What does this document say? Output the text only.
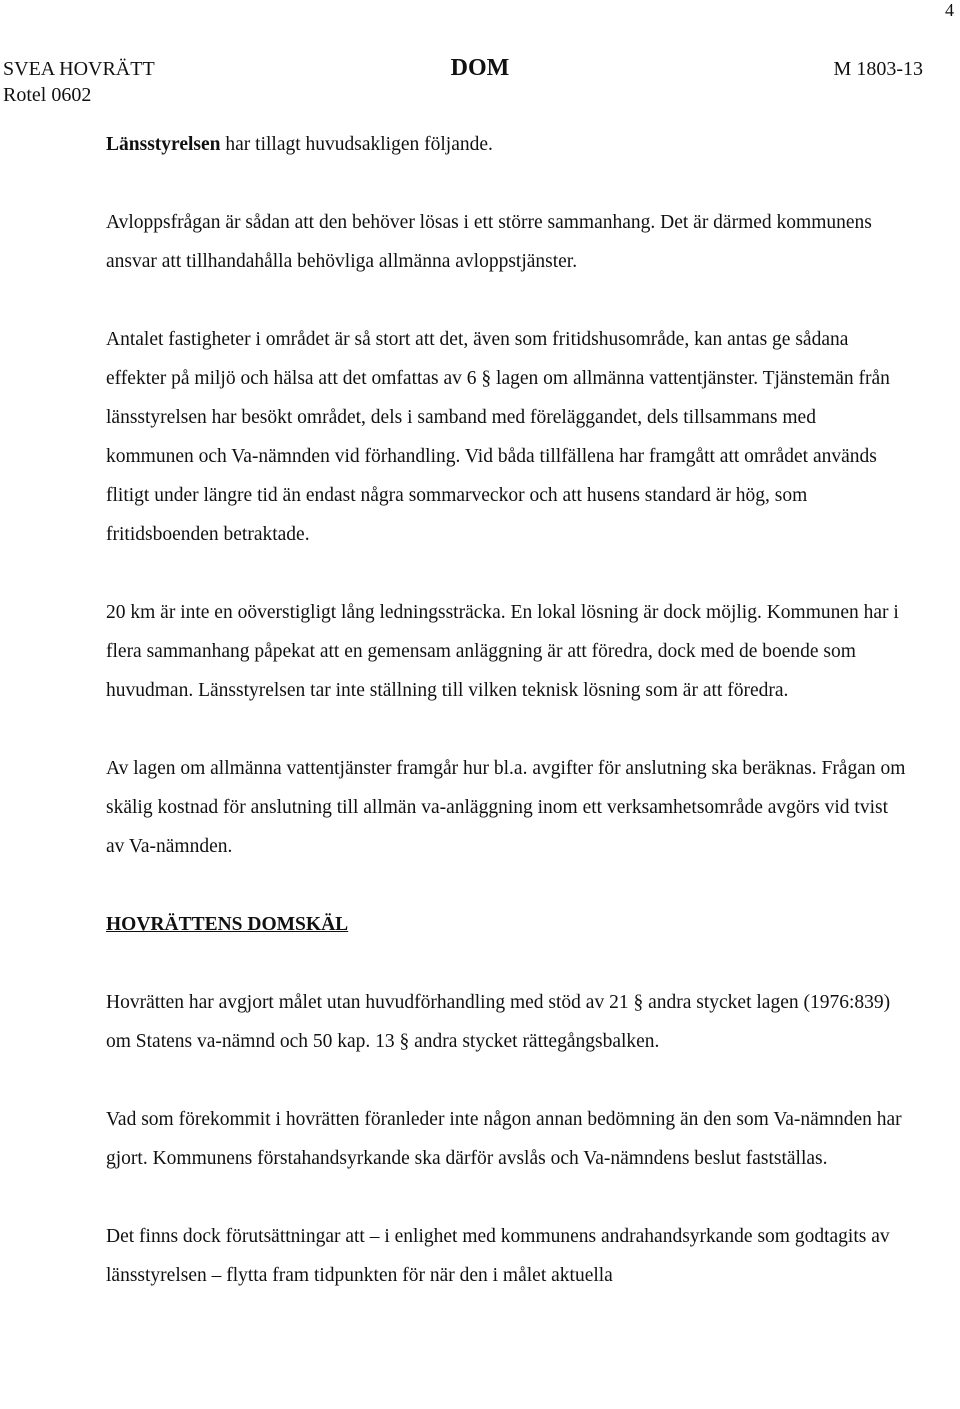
4
SVEA HOVRÄTT
Rotel 0602
DOM	M 1803-13

Länsstyrelsen har tillagt huvudsakligen följande.

Avloppsfrågan är sådan att den behöver lösas i ett större sammanhang. Det är därmed kommunens ansvar att tillhandahålla behövliga allmänna avloppstjänster.

Antalet fastigheter i området är så stort att det, även som fritidshusområde, kan antas ge sådana effekter på miljö och hälsa att det omfattas av 6 § lagen om allmänna vattentjänster. Tjänstemän från länsstyrelsen har besökt området, dels i samband med föreläggandet, dels tillsammans med kommunen och Va-nämnden vid förhandling. Vid båda tillfällena har framgått att området används flitigt under längre tid än endast några sommarveckor och att husens standard är hög, som fritidsboenden betraktade.

20 km är inte en oöverstigligt lång ledningssträcka. En lokal lösning är dock möjlig. Kommunen har i flera sammanhang påpekat att en gemensam anläggning är att föredra, dock med de boende som huvudman. Länsstyrelsen tar inte ställning till vilken teknisk lösning som är att föredra.

Av lagen om allmänna vattentjänster framgår hur bl.a. avgifter för anslutning ska beräknas. Frågan om skälig kostnad för anslutning till allmän va-anläggning inom ett verksamhetsområde avgörs vid tvist av Va-nämnden.

HOVRÄTTENS DOMSKÄL

Hovrätten har avgjort målet utan huvudförhandling med stöd av 21 § andra stycket lagen (1976:839) om Statens va-nämnd och 50 kap. 13 § andra stycket rättegångsbalken.

Vad som förekommit i hovrätten föranleder inte någon annan bedömning än den som Va-nämnden har gjort. Kommunens förstahandsyrkande ska därför avslås och Va-nämndens beslut fastställas.

Det finns dock förutsättningar att – i enlighet med kommunens andrahandsyrkande som godtagits av länsstyrelsen – flytta fram tidpunkten för när den i målet aktuella
